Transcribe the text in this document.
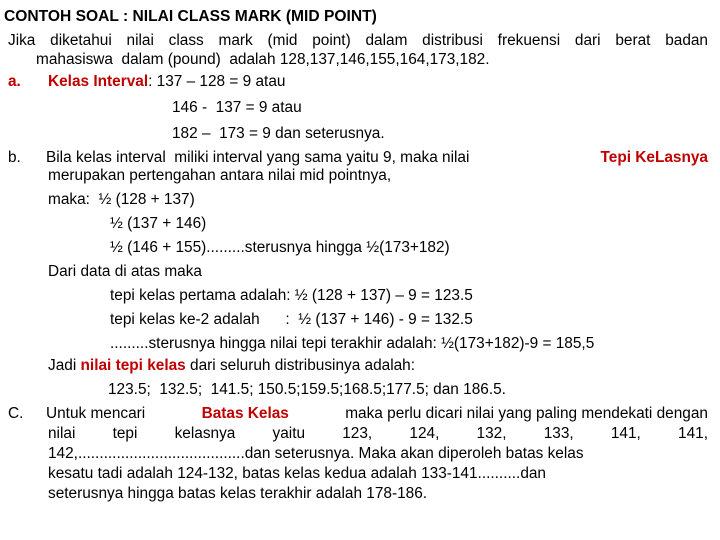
CONTOH SOAL : NILAI CLASS MARK (MID POINT)
Jika diketahui nilai class mark (mid point) dalam distribusi frekuensi dari berat badan
mahasiswa  dalam (pound)  adalah 128,137,146,155,164,173,182.
a. Kelas Interval: 137 – 128 = 9 atau
146 -  137 = 9 atau
182 –  173 = 9 dan seterusnya.
b. Bila kelas interval  miliki interval yang sama yaitu 9, maka nilai	Tepi KeLasnya
merupakan pertengahan antara nilai mid pointnya,
maka:  ½ (128 + 137)
½ (137 + 146)
½ (146 + 155).........sterusnya hingga ½(173+182)
Dari data di atas maka
tepi kelas pertama adalah: ½ (128 + 137) – 9 = 123.5
tepi kelas ke-2 adalah      :  ½ (137 + 146) - 9 = 132.5
.........sterusnya hingga nilai tepi terakhir adalah: ½(173+182)-9 = 185,5
Jadi nilai tepi kelas dari seluruh distribusinya adalah:
123.5;  132.5;  141.5; 150.5;159.5;168.5;177.5; dan 186.5.
C. Untuk mencari	Batas Kelas	maka perlu dicari nilai yang paling mendekati dengan
nilai tepi kelasnya yaitu 123, 124, 132, 133, 141, 141,
142,.......................................dan seterusnya. Maka akan diperoleh batas kelas
kesatu tadi adalah 124-132, batas kelas kedua adalah 133-141..........dan
seterusnya hingga batas kelas terakhir adalah 178-186.
